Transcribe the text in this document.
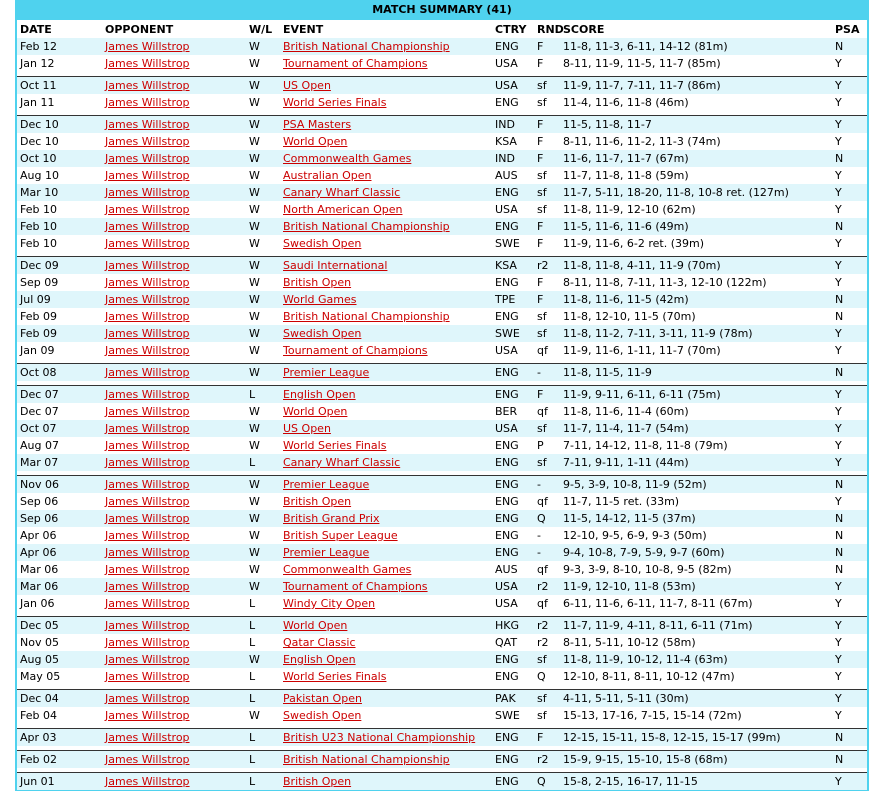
MATCH SUMMARY (41)
DATE	OPPONENT	W/L	EVENT	CTRY	RND	SCORE	PSA
Feb 12	James Willstrop	W	British National Championship	ENG	F	11-8, 11-3, 6-11, 14-12 (81m)	N
Jan 12	James Willstrop	W	Tournament of Champions	USA	F	8-11, 11-9, 11-5, 11-7 (85m)	Y

Oct 11	James Willstrop	W	US Open	USA	sf	11-9, 11-7, 7-11, 11-7 (86m)	Y
Jan 11	James Willstrop	W	World Series Finals	ENG	sf	11-4, 11-6, 11-8 (46m)	Y

Dec 10	James Willstrop	W	PSA Masters	IND	F	11-5, 11-8, 11-7	Y
Dec 10	James Willstrop	W	World Open	KSA	F	8-11, 11-6, 11-2, 11-3 (74m)	Y
Oct 10	James Willstrop	W	Commonwealth Games	IND	F	11-6, 11-7, 11-7 (67m)	N
Aug 10	James Willstrop	W	Australian Open	AUS	sf	11-7, 11-8, 11-8 (59m)	Y
Mar 10	James Willstrop	W	Canary Wharf Classic	ENG	sf	11-7, 5-11, 18-20, 11-8, 10-8 ret. (127m)	Y
Feb 10	James Willstrop	W	North American Open	USA	sf	11-8, 11-9, 12-10 (62m)	Y
Feb 10	James Willstrop	W	British National Championship	ENG	F	11-5, 11-6, 11-6 (49m)	N
Feb 10	James Willstrop	W	Swedish Open	SWE	F	11-9, 11-6, 6-2 ret. (39m)	Y

Dec 09	James Willstrop	W	Saudi International	KSA	r2	11-8, 11-8, 4-11, 11-9 (70m)	Y
Sep 09	James Willstrop	W	British Open	ENG	F	8-11, 11-8, 7-11, 11-3, 12-10 (122m)	Y
Jul 09	James Willstrop	W	World Games	TPE	F	11-8, 11-6, 11-5 (42m)	N
Feb 09	James Willstrop	W	British National Championship	ENG	sf	11-8, 12-10, 11-5 (70m)	N
Feb 09	James Willstrop	W	Swedish Open	SWE	sf	11-8, 11-2, 7-11, 3-11, 11-9 (78m)	Y
Jan 09	James Willstrop	W	Tournament of Champions	USA	qf	11-9, 11-6, 1-11, 11-7 (70m)	Y

Oct 08	James Willstrop	W	Premier League	ENG	-	11-8, 11-5, 11-9	N

Dec 07	James Willstrop	L	English Open	ENG	F	11-9, 9-11, 6-11, 6-11 (75m)	Y
Dec 07	James Willstrop	W	World Open	BER	qf	11-8, 11-6, 11-4 (60m)	Y
Oct 07	James Willstrop	W	US Open	USA	sf	11-7, 11-4, 11-7 (54m)	Y
Aug 07	James Willstrop	W	World Series Finals	ENG	P	7-11, 14-12, 11-8, 11-8 (79m)	Y
Mar 07	James Willstrop	L	Canary Wharf Classic	ENG	sf	7-11, 9-11, 1-11 (44m)	Y

Nov 06	James Willstrop	W	Premier League	ENG	-	9-5, 3-9, 10-8, 11-9 (52m)	N
Sep 06	James Willstrop	W	British Open	ENG	qf	11-7, 11-5 ret. (33m)	Y
Sep 06	James Willstrop	W	British Grand Prix	ENG	Q	11-5, 14-12, 11-5 (37m)	N
Apr 06	James Willstrop	W	British Super League	ENG	-	12-10, 9-5, 6-9, 9-3 (50m)	N
Apr 06	James Willstrop	W	Premier League	ENG	-	9-4, 10-8, 7-9, 5-9, 9-7 (60m)	N
Mar 06	James Willstrop	W	Commonwealth Games	AUS	qf	9-3, 3-9, 8-10, 10-8, 9-5 (82m)	N
Mar 06	James Willstrop	W	Tournament of Champions	USA	r2	11-9, 12-10, 11-8 (53m)	Y
Jan 06	James Willstrop	L	Windy City Open	USA	qf	6-11, 11-6, 6-11, 11-7, 8-11 (67m)	Y

Dec 05	James Willstrop	L	World Open	HKG	r2	11-7, 11-9, 4-11, 8-11, 6-11 (71m)	Y
Nov 05	James Willstrop	L	Qatar Classic	QAT	r2	8-11, 5-11, 10-12 (58m)	Y
Aug 05	James Willstrop	W	English Open	ENG	sf	11-8, 11-9, 10-12, 11-4 (63m)	Y
May 05	James Willstrop	L	World Series Finals	ENG	Q	12-10, 8-11, 8-11, 10-12 (47m)	Y

Dec 04	James Willstrop	L	Pakistan Open	PAK	sf	4-11, 5-11, 5-11 (30m)	Y
Feb 04	James Willstrop	W	Swedish Open	SWE	sf	15-13, 17-16, 7-15, 15-14 (72m)	Y

Apr 03	James Willstrop	L	British U23 National Championship	ENG	F	12-15, 15-11, 15-8, 12-15, 15-17 (99m)	N

Feb 02	James Willstrop	L	British National Championship	ENG	r2	15-9, 9-15, 15-10, 15-8 (68m)	N

Jun 01	James Willstrop	L	British Open	ENG	Q	15-8, 2-15, 16-17, 11-15	Y
